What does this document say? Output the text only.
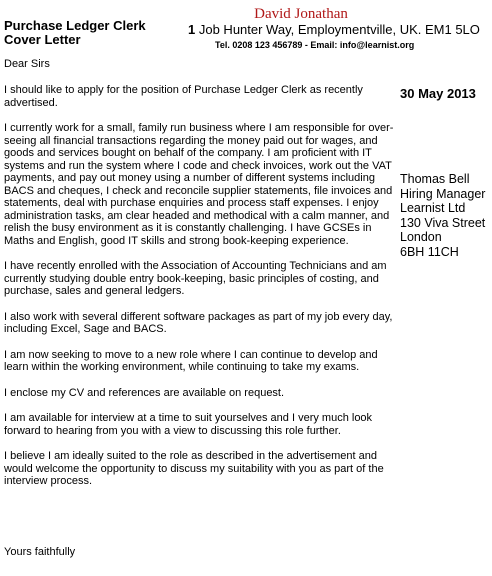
Purchase Ledger Clerk Cover Letter
David Jonathan
1 Job Hunter Way, Employmentville, UK. EM1 5LO
Tel. 0208 123 456789 - Email: info@learnist.org
Dear Sirs
30 May 2013

I should like to apply for the position of Purchase Ledger Clerk as recently advertised.

I currently work for a small, family run business where I am responsible for over-seeing all financial transactions regarding the money paid out for wages, and goods and services bought on behalf of the company. I am proficient with IT systems and run the system where I code and check invoices, work out the VAT payments, and pay out money using a number of different systems including BACS and cheques, I check and reconcile supplier statements, file invoices and statements, deal with purchase enquiries and process staff expenses. I enjoy administration tasks, am clear headed and methodical with a calm manner, and relish the busy environment as it is constantly challenging. I have GCSEs in Maths and English, good IT skills and strong book-keeping experience.

I have recently enrolled with the Association of Accounting Technicians and am currently studying double entry book-keeping, basic principles of costing, and purchase, sales and general ledgers.

I also work with several different software packages as part of my job every day, including Excel, Sage and BACS.

I am now seeking to move to a new role where I can continue to develop and learn within the working environment, while continuing to take my exams.

I enclose my CV and references are available on request.

I am available for interview at a time to suit yourselves and I very much look forward to hearing from you with a view to discussing this role further.

I believe I am ideally suited to the role as described in the advertisement and would welcome the opportunity to discuss my suitability with you as part of the interview process.

Thomas Bell
Hiring Manager
Learnist Ltd
130 Viva Street
London
6BH 11CH
Yours faithfully
